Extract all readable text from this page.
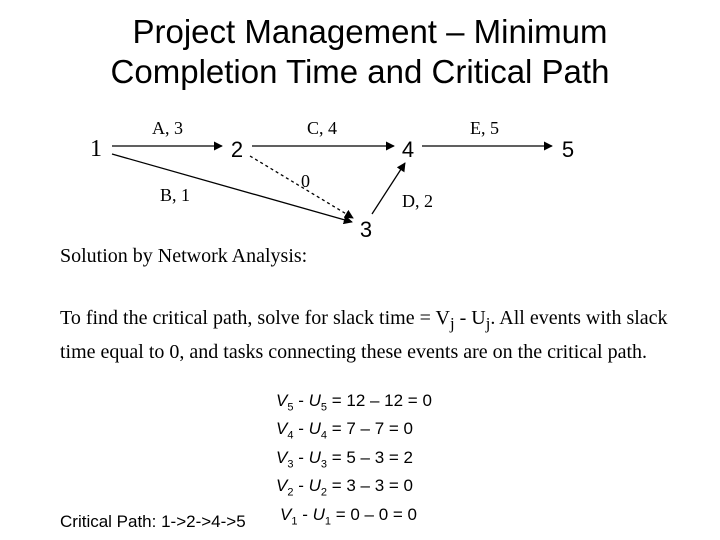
Project Management – Minimum
Completion Time and Critical Path
1	2	4	5
3
A, 3	C, 4	E, 5
B, 1
0
D, 2
Solution by Network Analysis:
To find the critical path, solve for slack time = $V_j - U_j$. All events with slack time equal to 0, and tasks connecting these events are on the critical path.
$V_5 - U_5 = 12 - 12 = 0$
$V_4 - U_4 = 7 - 7 = 0$
$V_3 - U_3 = 5 - 3 = 2$
$V_2 - U_2 = 3 - 3 = 0$
$V_1 - U_1 = 0 - 0 = 0$
Critical Path: 1->2->4->5
